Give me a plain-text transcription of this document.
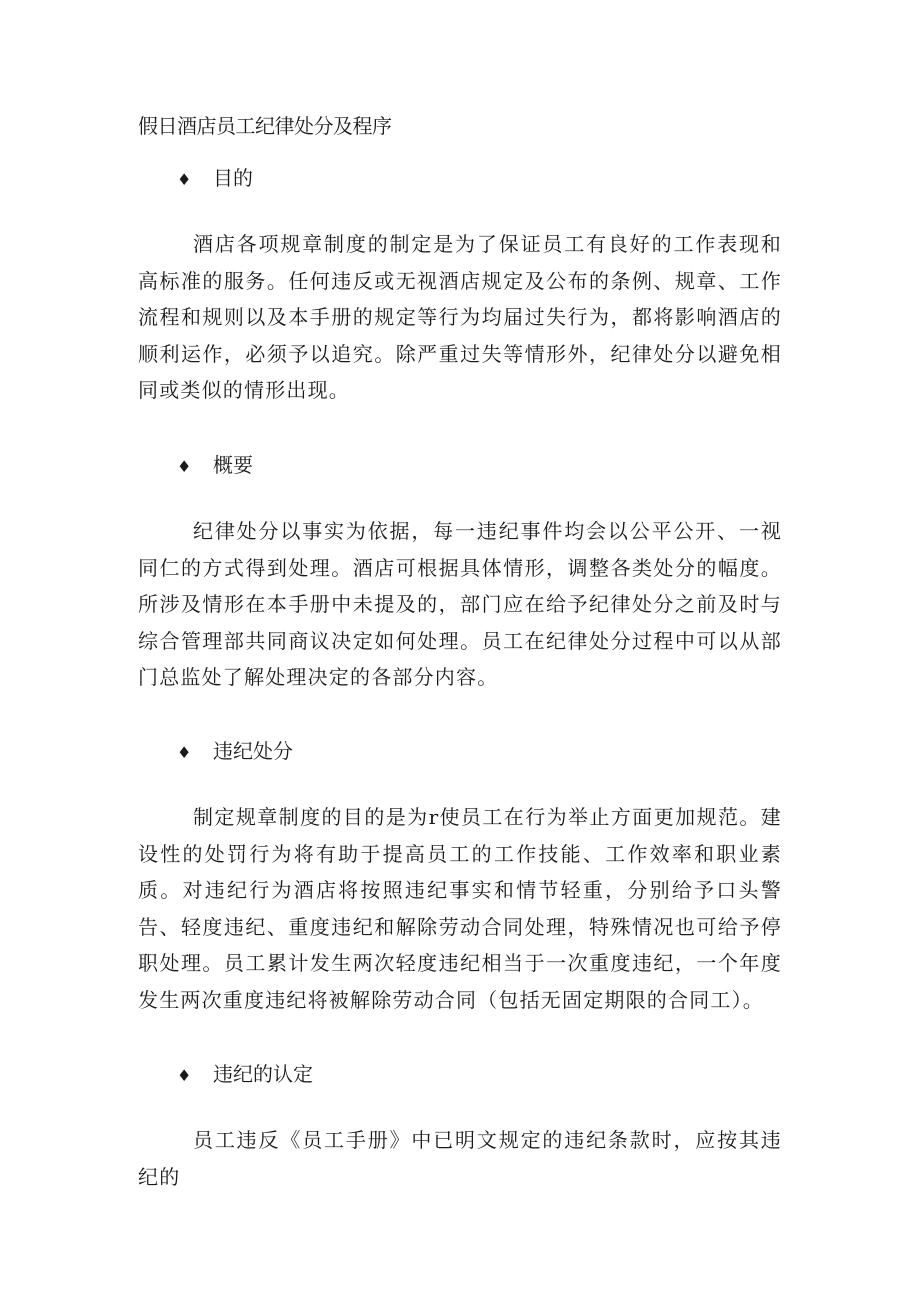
假日酒店员工纪律处分及程序
♦ 目的
酒店各项规章制度的制定是为了保证员工有良好的工作表现和高标准的服务。任何违反或无视酒店规定及公布的条例、规章、工作流程和规则以及本手册的规定等行为均届过失行为，都将影响酒店的顺利运作，必须予以追究。除严重过失等情形外，纪律处分以避免相同或类似的情形出现。
♦ 概要
纪律处分以事实为依据，每一违纪事件均会以公平公开、一视同仁的方式得到处理。酒店可根据具体情形，调整各类处分的幅度。所涉及情形在本手册中未提及的，部门应在给予纪律处分之前及时与综合管理部共同商议决定如何处理。员工在纪律处分过程中可以从部门总监处了解处理决定的各部分内容。
♦ 违纪处分
制定规章制度的目的是为r使员工在行为举止方面更加规范。建设性的处罚行为将有助于提高员工的工作技能、工作效率和职业素质。对违纪行为酒店将按照违纪事实和情节轻重，分别给予口头警告、轻度违纪、重度违纪和解除劳动合同处理，特殊情况也可给予停职处理。员工累计发生两次轻度违纪相当于一次重度违纪，一个年度发生两次重度违纪将被解除劳动合同（包括无固定期限的合同工）。
♦ 违纪的认定
员工违反《员工手册》中已明文规定的违纪条款时，应按其违纪的
